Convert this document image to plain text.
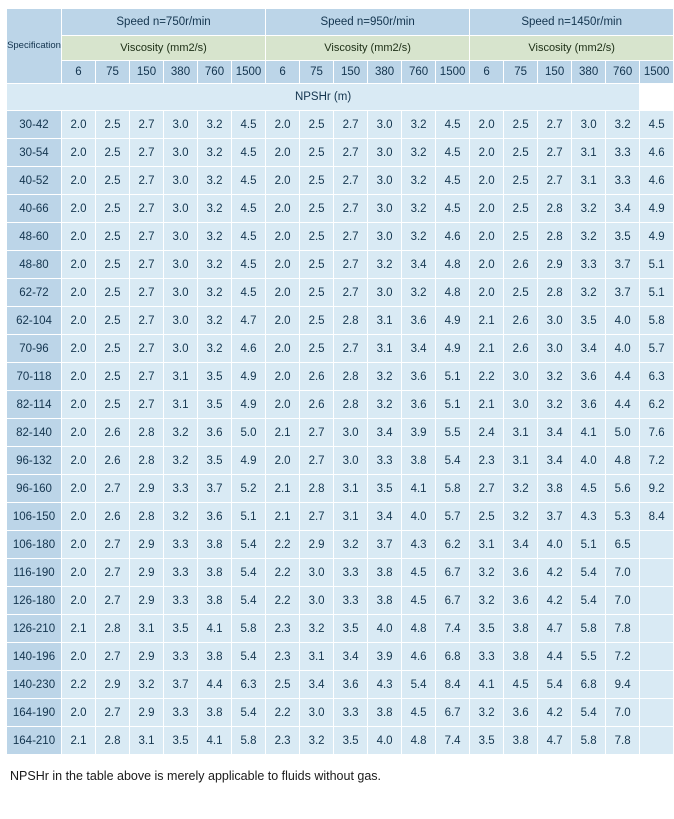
Specification	Speed n=750r/min						Speed n=950r/min						Speed n=1450r/min					
	Viscosity (mm2/s)						Viscosity (mm2/s)						Viscosity (mm2/s)					
	6	75	150	380	760	1500	6	75	150	380	760	1500	6	75	150	380	760	1500
NPSHr (m)																		
30-42	2.0	2.5	2.7	3.0	3.2	4.5	2.0	2.5	2.7	3.0	3.2	4.5	2.0	2.5	2.7	3.0	3.2	4.5
30-54	2.0	2.5	2.7	3.0	3.2	4.5	2.0	2.5	2.7	3.0	3.2	4.5	2.0	2.5	2.7	3.1	3.3	4.6
40-52	2.0	2.5	2.7	3.0	3.2	4.5	2.0	2.5	2.7	3.0	3.2	4.5	2.0	2.5	2.7	3.1	3.3	4.6
40-66	2.0	2.5	2.7	3.0	3.2	4.5	2.0	2.5	2.7	3.0	3.2	4.5	2.0	2.5	2.8	3.2	3.4	4.9
48-60	2.0	2.5	2.7	3.0	3.2	4.5	2.0	2.5	2.7	3.0	3.2	4.6	2.0	2.5	2.8	3.2	3.5	4.9
48-80	2.0	2.5	2.7	3.0	3.2	4.5	2.0	2.5	2.7	3.2	3.4	4.8	2.0	2.6	2.9	3.3	3.7	5.1
62-72	2.0	2.5	2.7	3.0	3.2	4.5	2.0	2.5	2.7	3.0	3.2	4.8	2.0	2.5	2.8	3.2	3.7	5.1
62-104	2.0	2.5	2.7	3.0	3.2	4.7	2.0	2.5	2.8	3.1	3.6	4.9	2.1	2.6	3.0	3.5	4.0	5.8
70-96	2.0	2.5	2.7	3.0	3.2	4.6	2.0	2.5	2.7	3.1	3.4	4.9	2.1	2.6	3.0	3.4	4.0	5.7
70-118	2.0	2.5	2.7	3.1	3.5	4.9	2.0	2.6	2.8	3.2	3.6	5.1	2.2	3.0	3.2	3.6	4.4	6.3
82-114	2.0	2.5	2.7	3.1	3.5	4.9	2.0	2.6	2.8	3.2	3.6	5.1	2.1	3.0	3.2	3.6	4.4	6.2
82-140	2.0	2.6	2.8	3.2	3.6	5.0	2.1	2.7	3.0	3.4	3.9	5.5	2.4	3.1	3.4	4.1	5.0	7.6
96-132	2.0	2.6	2.8	3.2	3.5	4.9	2.0	2.7	3.0	3.3	3.8	5.4	2.3	3.1	3.4	4.0	4.8	7.2
96-160	2.0	2.7	2.9	3.3	3.7	5.2	2.1	2.8	3.1	3.5	4.1	5.8	2.7	3.2	3.8	4.5	5.6	9.2
106-150	2.0	2.6	2.8	3.2	3.6	5.1	2.1	2.7	3.1	3.4	4.0	5.7	2.5	3.2	3.7	4.3	5.3	8.4
106-180	2.0	2.7	2.9	3.3	3.8	5.4	2.2	2.9	3.2	3.7	4.3	6.2	3.1	3.4	4.0	5.1	6.5	
116-190	2.0	2.7	2.9	3.3	3.8	5.4	2.2	3.0	3.3	3.8	4.5	6.7	3.2	3.6	4.2	5.4	7.0	
126-180	2.0	2.7	2.9	3.3	3.8	5.4	2.2	3.0	3.3	3.8	4.5	6.7	3.2	3.6	4.2	5.4	7.0	
126-210	2.1	2.8	3.1	3.5	4.1	5.8	2.3	3.2	3.5	4.0	4.8	7.4	3.5	3.8	4.7	5.8	7.8	
140-196	2.0	2.7	2.9	3.3	3.8	5.4	2.3	3.1	3.4	3.9	4.6	6.8	3.3	3.8	4.4	5.5	7.2	
140-230	2.2	2.9	3.2	3.7	4.4	6.3	2.5	3.4	3.6	4.3	5.4	8.4	4.1	4.5	5.4	6.8	9.4	
164-190	2.0	2.7	2.9	3.3	3.8	5.4	2.2	3.0	3.3	3.8	4.5	6.7	3.2	3.6	4.2	5.4	7.0	
164-210	2.1	2.8	3.1	3.5	4.1	5.8	2.3	3.2	3.5	4.0	4.8	7.4	3.5	3.8	4.7	5.8	7.8	
NPSHr in the table above is merely applicable to fluids without gas.
